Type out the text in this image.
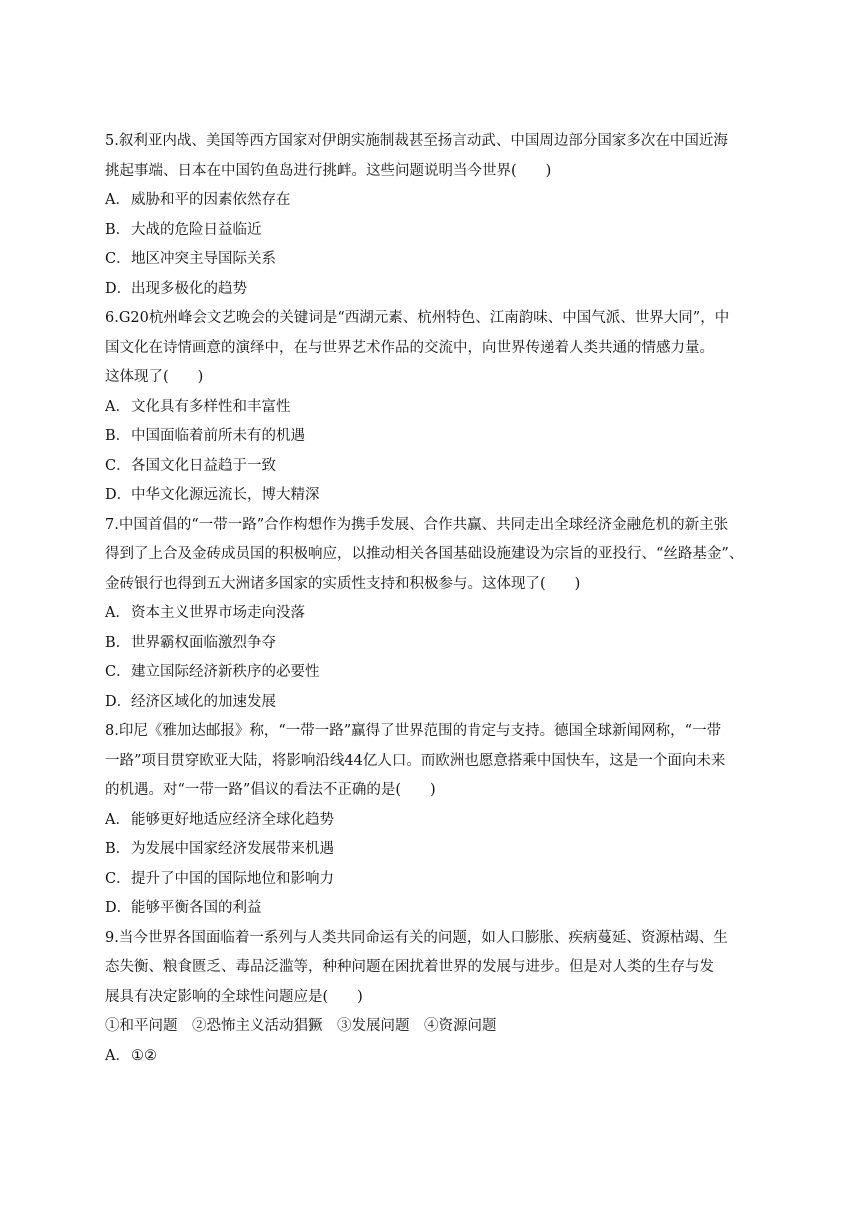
5.叙利亚内战、美国等西方国家对伊朗实施制裁甚至扬言动武、中国周边部分国家多次在中国近海
挑起事端、日本在中国钓鱼岛进行挑衅。这些问题说明当今世界(　　)
A．威胁和平的因素依然存在
B．大战的危险日益临近
C．地区冲突主导国际关系
D．出现多极化的趋势
6.G20杭州峰会文艺晚会的关键词是“西湖元素、杭州特色、江南韵味、中国气派、世界大同”，中
国文化在诗情画意的演绎中，在与世界艺术作品的交流中，向世界传递着人类共通的情感力量。
这体现了(　　)
A．文化具有多样性和丰富性
B．中国面临着前所未有的机遇
C．各国文化日益趋于一致
D．中华文化源远流长，博大精深
7.中国首倡的“一带一路”合作构想作为携手发展、合作共赢、共同走出全球经济金融危机的新主张
得到了上合及金砖成员国的积极响应，以推动相关各国基础设施建设为宗旨的亚投行、“丝路基金”、
金砖银行也得到五大洲诸多国家的实质性支持和积极参与。这体现了(　　)
A．资本主义世界市场走向没落
B．世界霸权面临激烈争夺
C．建立国际经济新秩序的必要性
D．经济区域化的加速发展
8.印尼《雅加达邮报》称，“一带一路”赢得了世界范围的肯定与支持。德国全球新闻网称，“一带
一路”项目贯穿欧亚大陆，将影响沿线44亿人口。而欧洲也愿意搭乘中国快车，这是一个面向未来
的机遇。对“一带一路”倡议的看法不正确的是(　　)
A．能够更好地适应经济全球化趋势
B．为发展中国家经济发展带来机遇
C．提升了中国的国际地位和影响力
D．能够平衡各国的利益
9.当今世界各国面临着一系列与人类共同命运有关的问题，如人口膨胀、疾病蔓延、资源枯竭、生
态失衡、粮食匮乏、毒品泛滥等，种种问题在困扰着世界的发展与进步。但是对人类的生存与发
展具有决定影响的全球性问题应是(　　)
①和平问题　②恐怖主义活动猖獗　③发展问题　④资源问题
A．①②
